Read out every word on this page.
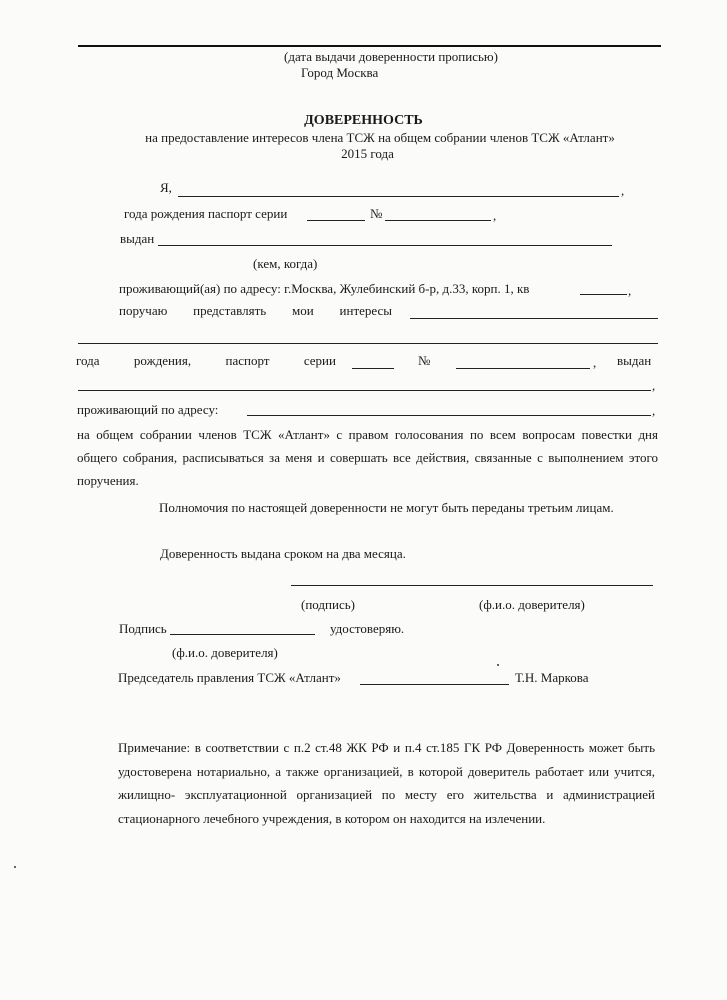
(дата выдачи доверенности прописью)
Город Москва
ДОВЕРЕННОСТЬ
на предоставление интересов члена ТСЖ на общем собрании членов ТСЖ «Атлант»
2015 года
Я,	,
года рождения паспорт серии	№	,
выдан
(кем, когда)
проживающий(ая) по адресу: г.Москва, Жулебинский б-р, д.33, корп. 1, кв	,
поручаю представлять мои интересы
года	рождения,	паспорт	серии	№	, выдан
,
проживающий по адресу:	,
на общем собрании членов ТСЖ «Атлант» с правом голосования по всем вопросам повестки дня общего собрания, расписываться за меня и совершать все действия, связанные с выполнением этого поручения.
Полномочия по настоящей доверенности не могут быть переданы третьим лицам.
Доверенность выдана сроком на два месяца.
(подпись)	(ф.и.о. доверителя)
Подпись	удостоверяю.
(ф.и.о. доверителя)
Председатель правления ТСЖ «Атлант»	Т.Н. Маркова
Примечание: в соответствии с п.2 ст.48 ЖК РФ и п.4 ст.185 ГК РФ Доверенность может быть удостоверена нотариально, а также организацией, в которой доверитель работает или учится, жилищно- эксплуатационной организацией по месту его жительства и администрацией стационарного лечебного учреждения, в котором он находится на излечении.
